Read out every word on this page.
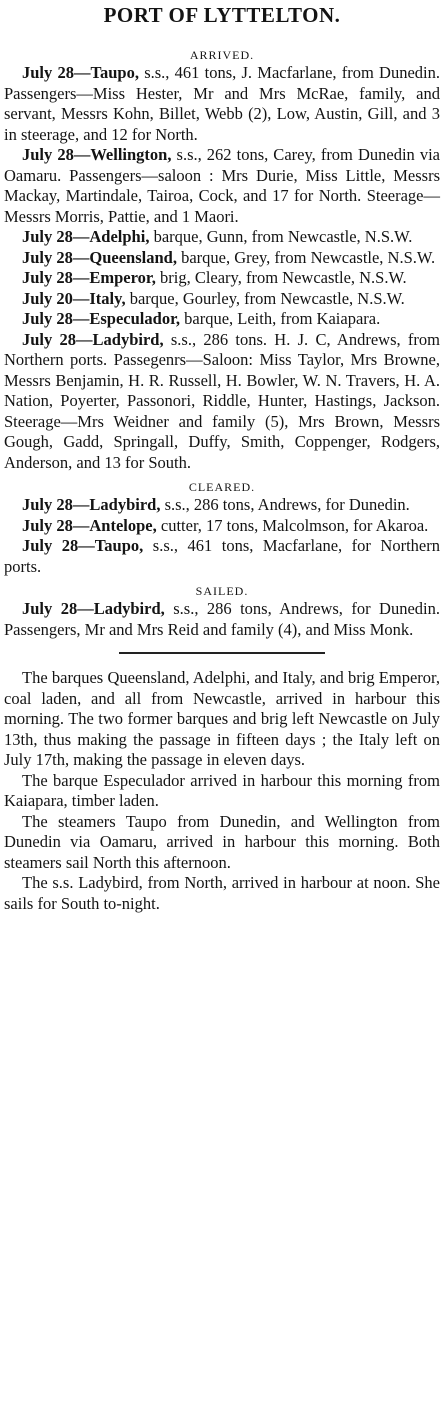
PORT OF LYTTELTON.

ARRIVED.

July 28—Taupo, s.s., 461 tons, J. Macfarlane, from Dunedin. Passengers—Miss Hester, Mr and Mrs McRae, family, and servant, Messrs Kohn, Billet, Webb (2), Low, Austin, Gill, and 3 in steerage, and 12 for North.

July 28—Wellington, s.s., 262 tons, Carey, from Dunedin via Oamaru. Passengers—saloon : Mrs Durie, Miss Little, Messrs Mackay, Martindale, Tairoa, Cock, and 17 for North. Steerage—Messrs Morris, Pattie, and 1 Maori.

July 28—Adelphi, barque, Gunn, from Newcastle, N.S.W.

July 28—Queensland, barque, Grey, from Newcastle, N.S.W.

July 28—Emperor, brig, Cleary, from Newcastle, N.S.W.

July 20—Italy, barque, Gourley, from Newcastle, N.S.W.

July 28—Especulador, barque, Leith, from Kaiapara.

July 28—Ladybird, s.s., 286 tons. H. J. C, Andrews, from Northern ports. Passegenrs—Saloon: Miss Taylor, Mrs Browne, Messrs Benjamin, H. R. Russell, H. Bowler, W. N. Travers, H. A. Nation, Poyerter, Passonori, Riddle, Hunter, Hastings, Jackson. Steerage—Mrs Weidner and family (5), Mrs Brown, Messrs Gough, Gadd, Springall, Duffy, Smith, Coppenger, Rodgers, Anderson, and 13 for South.

CLEARED.

July 28—Ladybird, s.s., 286 tons, Andrews, for Dunedin.

July 28—Antelope, cutter, 17 tons, Malcolmson, for Akaroa.

July 28—Taupo, s.s., 461 tons, Macfarlane, for Northern ports.

SAILED.

July 28—Ladybird, s.s., 286 tons, Andrews, for Dunedin. Passengers, Mr and Mrs Reid and family (4), and Miss Monk.

The barques Queensland, Adelphi, and Italy, and brig Emperor, coal laden, and all from Newcastle, arrived in harbour this morning. The two former barques and brig left Newcastle on July 13th, thus making the passage in fifteen days ; the Italy left on July 17th, making the passage in eleven days.

The barque Especulador arrived in harbour this morning from Kaiapara, timber laden.

The steamers Taupo from Dunedin, and Wellington from Dunedin via Oamaru, arrived in harbour this morning. Both steamers sail North this afternoon.

The s.s. Ladybird, from North, arrived in harbour at noon. She sails for South to-night.
